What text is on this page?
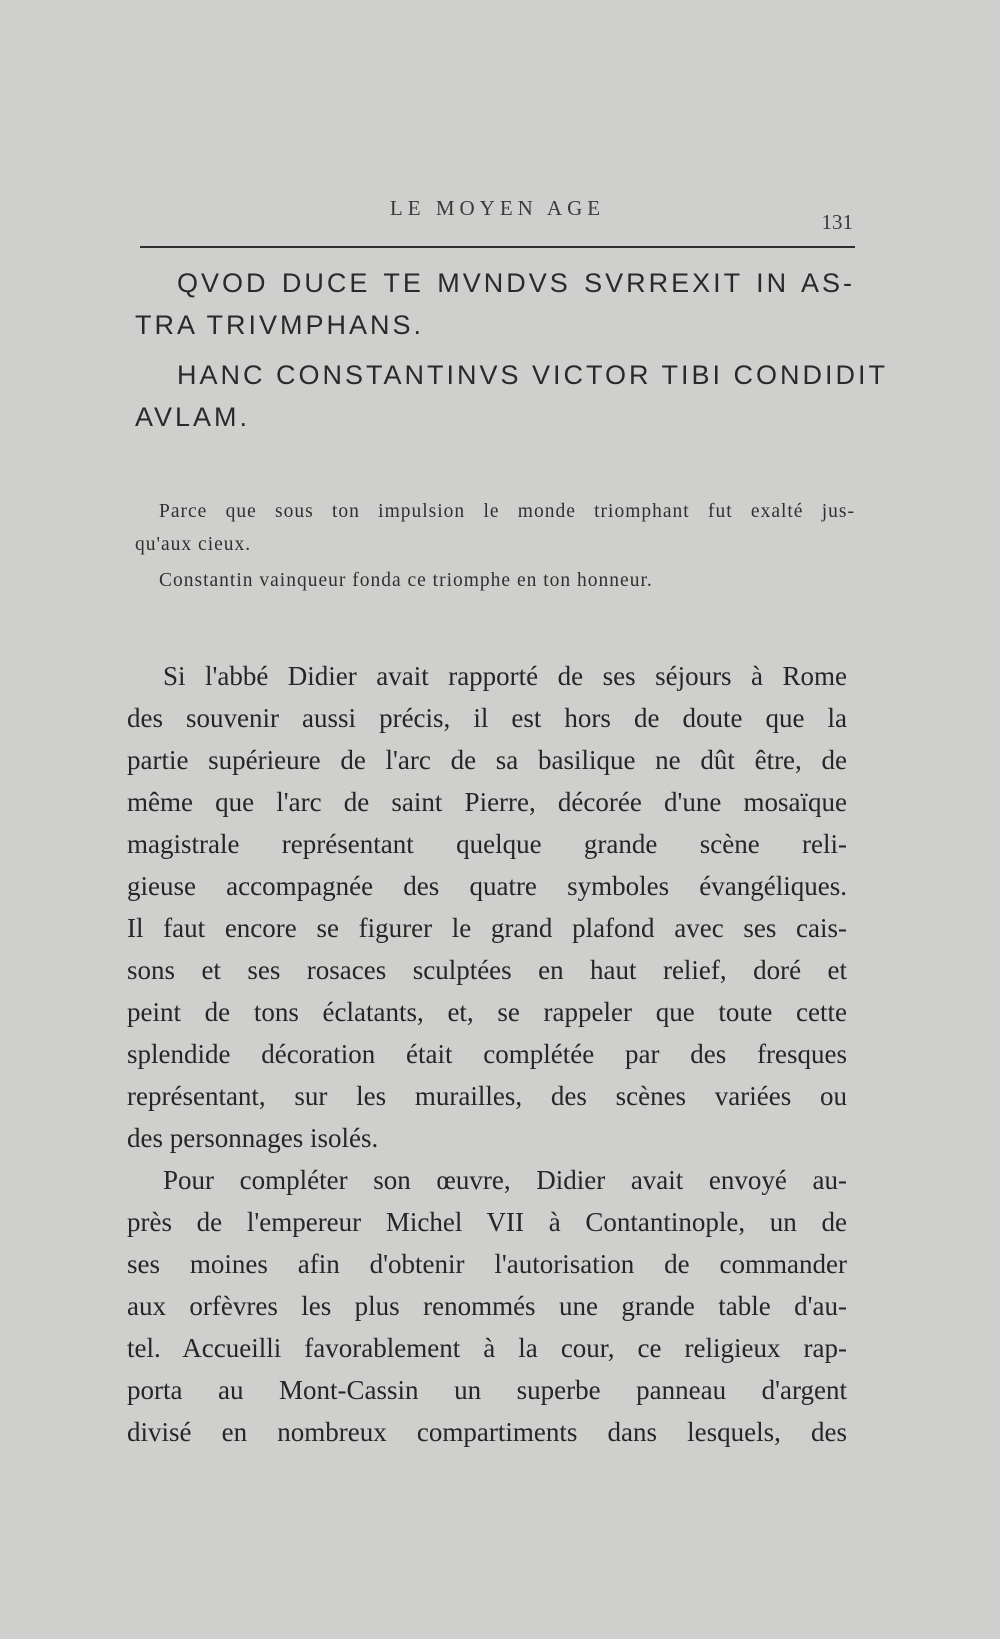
LE MOYEN AGE
131
QVOD DUCE TE MVNDVS SVRREXIT IN AS-
TRA TRIVMPHANS.
HANC CONSTANTINVS VICTOR TIBI CONDIDIT
AVLAM.
Parce que sous ton impulsion le monde triomphant fut exalté jus-
qu'aux cieux.
Constantin vainqueur fonda ce triomphe en ton honneur.
Si l'abbé Didier avait rapporté de ses séjours à Rome
des souvenir aussi précis, il est hors de doute que la
partie supérieure de l'arc de sa basilique ne dût être, de
même que l'arc de saint Pierre, décorée d'une mosaïque
magistrale représentant quelque grande scène reli-
gieuse accompagnée des quatre symboles évangéliques.
Il faut encore se figurer le grand plafond avec ses cais-
sons et ses rosaces sculptées en haut relief, doré et
peint de tons éclatants, et, se rappeler que toute cette
splendide décoration était complétée par des fresques
représentant, sur les murailles, des scènes variées ou
des personnages isolés.
Pour compléter son œuvre, Didier avait envoyé au-
près de l'empereur Michel VII à Contantinople, un de
ses moines afin d'obtenir l'autorisation de commander
aux orfèvres les plus renommés une grande table d'au-
tel. Accueilli favorablement à la cour, ce religieux rap-
porta au Mont-Cassin un superbe panneau d'argent
divisé en nombreux compartiments dans lesquels, des
